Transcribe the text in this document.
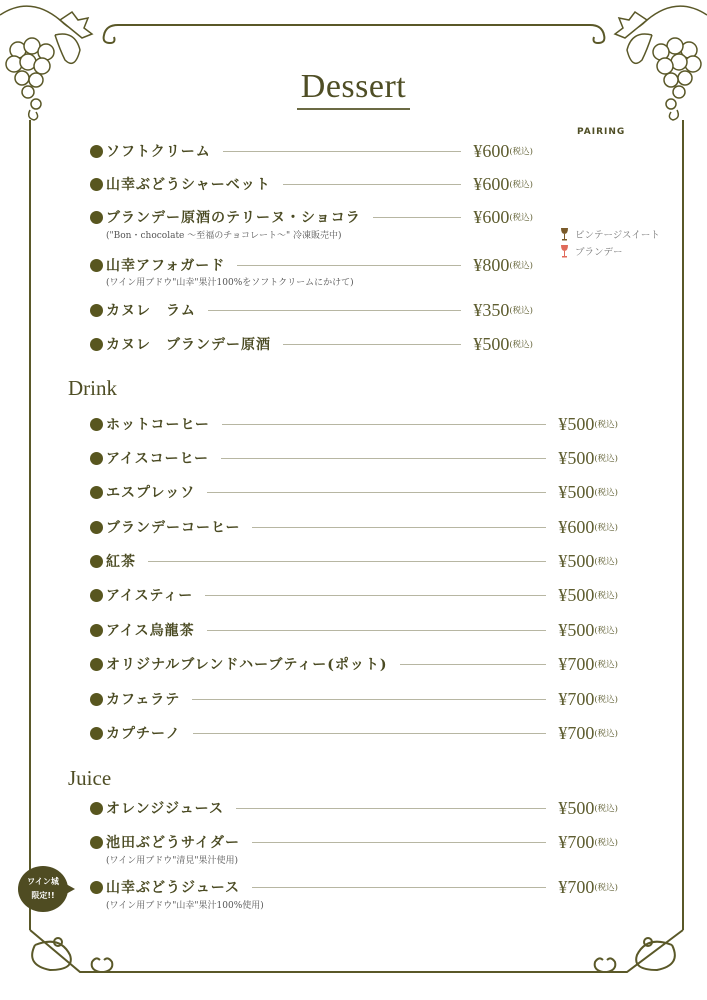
Dessert
PAIRING
ビンテージスイート
ブランデー
ソフトクリーム	¥600 (税込)
山幸ぶどうシャーベット	¥600 (税込)
ブランデー原酒のテリーヌ・ショコラ	¥600 (税込)
("Bon・chocolate ～至福のチョコレート～" 冷凍販売中)
山幸アフォガード	¥800 (税込)
(ワイン用ブドウ"山幸"果汁100%をソフトクリームにかけて)
カヌレ　ラム	¥350 (税込)
カヌレ　ブランデー原酒	¥500 (税込)
Drink
ホットコーヒー	¥500 (税込)
アイスコーヒー	¥500 (税込)
エスプレッソ	¥500 (税込)
ブランデーコーヒー	¥600 (税込)
紅茶	¥500 (税込)
アイスティー	¥500 (税込)
アイス烏龍茶	¥500 (税込)
オリジナルブレンドハーブティー(ポット)	¥700 (税込)
カフェラテ	¥700 (税込)
カプチーノ	¥700 (税込)
Juice
オレンジジュース	¥500 (税込)
池田ぶどうサイダー	¥700 (税込)
(ワイン用ブドウ"清見"果汁使用)
山幸ぶどうジュース	¥700 (税込)
(ワイン用ブドウ"山幸"果汁100%使用)
ワイン城
限定!!
